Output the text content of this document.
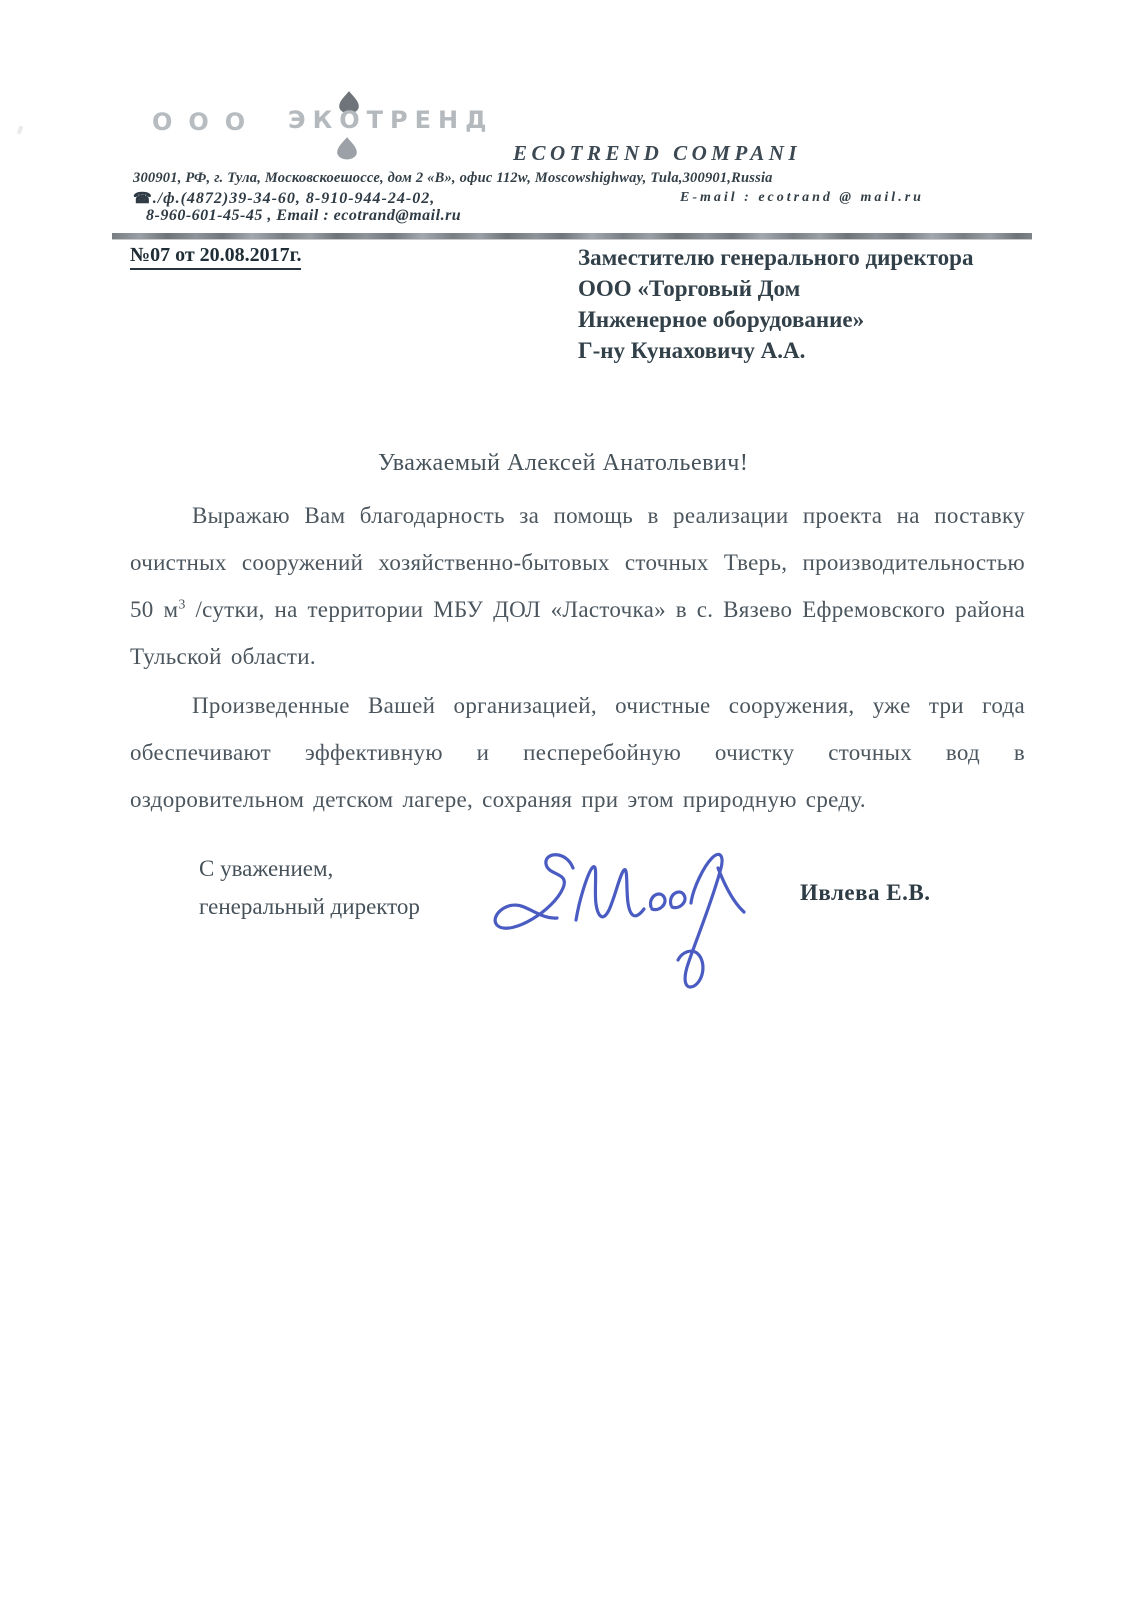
ООО ЭКОТРЕНД
ECOTREND COMPANI
300901, РФ, г. Тула, Московскоешоссе, дом 2 «В», офис 112w, Moscowshighway, Tula,300901,Russia
☎./ф.(4872)39-34-60, 8-910-944-24-02,	E-mail : ecotrand @ mail.ru
8-960-601-45-45 , Email : ecotrand@mail.ru
№07 от 20.08.2017г.	Заместителю генерального директора
ООО «Торговый Дом
Инженерное оборудование»
Г-ну Кунаховичу А.А.
Уважаемый Алексей Анатольевич!

Выражаю Вам благодарность за помощь в реализации проекта на поставку очистных сооружений хозяйственно-бытовых сточных Тверь, производительностью 50 $м^3$ /сутки, на территории МБУ ДОЛ «Ласточка» в с. Вязево Ефремовского района Тульской области.

Произведенные Вашей организацией, очистные сооружения, уже три года обеспечивают эффективную и песперебойную очистку сточных вод в оздоровительном детском лагере, сохраняя при этом природную среду.

С уважением,
генеральный директор
Ивлева Е.В.
